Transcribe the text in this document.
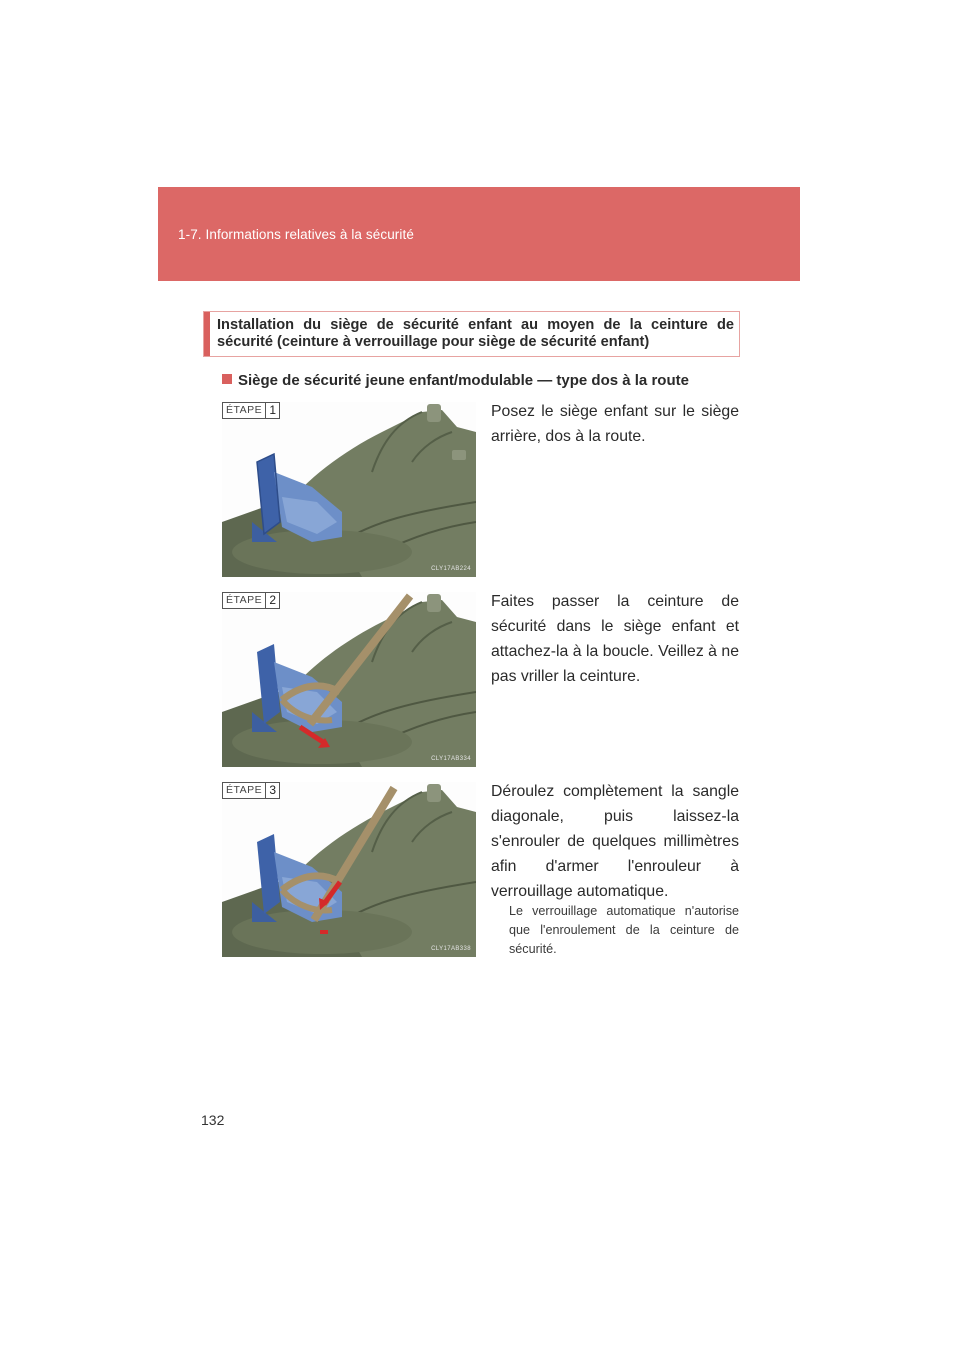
1-7. Informations relatives à la sécurité
Installation du siège de sécurité enfant au moyen de la ceinture de sécurité (ceinture à verrouillage pour siège de sécurité enfant)
Siège de sécurité jeune enfant/modulable — type dos à la route
ÉTAPE 1
CLY17AB224
Posez le siège enfant sur le siège arrière, dos à la route.
ÉTAPE 2
CLY17AB334
Faites passer la ceinture de sécurité dans le siège enfant et attachez-la à la boucle. Veillez à ne pas vriller la ceinture.
ÉTAPE 3
CLY17AB338
Déroulez complètement la sangle diagonale, puis laissez-la s'enrouler de quelques millimètres afin d'armer l'enrouleur à verrouillage automatique.
Le verrouillage automatique n'autorise que l'enroulement de la ceinture de sécurité.
132
